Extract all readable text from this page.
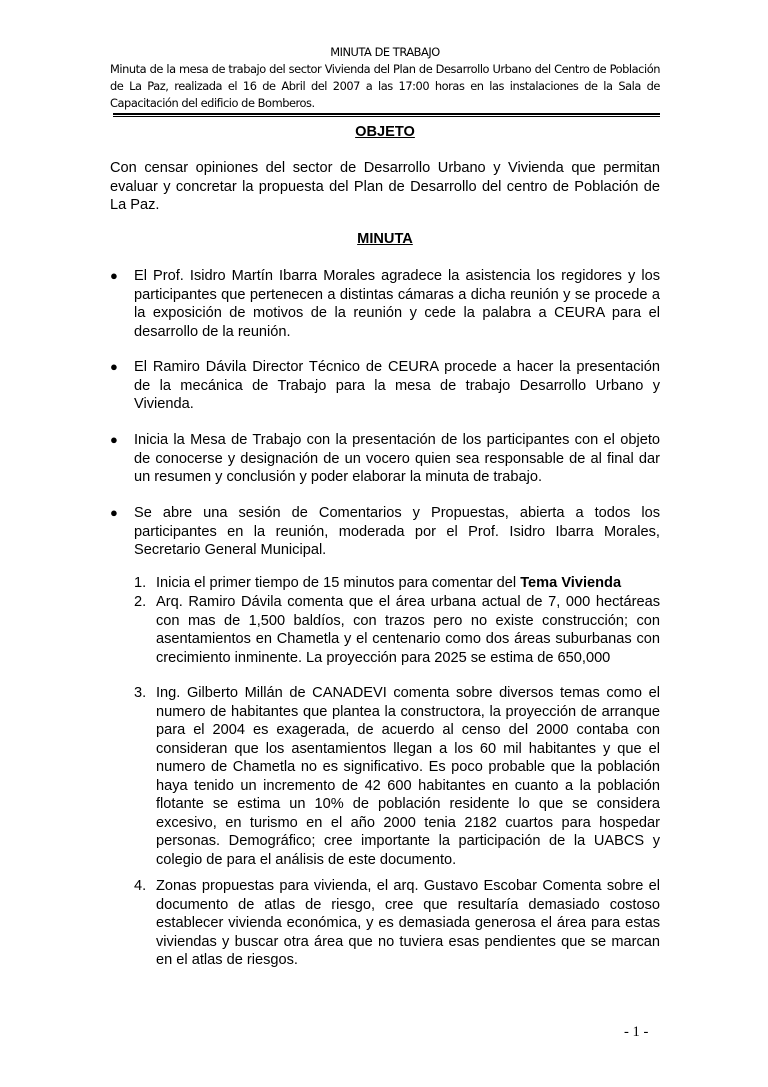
MINUTA DE TRABAJO
Minuta de la mesa de trabajo del sector Vivienda del Plan de Desarrollo Urbano del Centro de Población de La Paz, realizada el 16 de Abril del 2007 a las 17:00 horas en las instalaciones de la Sala de Capacitación del edificio de Bomberos.
OBJETO
Con censar opiniones del sector de Desarrollo Urbano y Vivienda que permitan evaluar y concretar la propuesta del Plan de Desarrollo del centro de Población de La Paz.
MINUTA
●	El Prof. Isidro Martín Ibarra Morales agradece la asistencia los regidores y los participantes que pertenecen a distintas cámaras a dicha reunión y se procede a la exposición de motivos de la reunión y cede la palabra a CEURA para el desarrollo de la reunión.
●	El Ramiro Dávila Director Técnico de CEURA procede a hacer la presentación de la mecánica de Trabajo para la mesa de trabajo Desarrollo Urbano y Vivienda.
●	Inicia la Mesa de Trabajo con la presentación de los participantes con el objeto de conocerse y designación de un vocero quien sea responsable de al final dar un resumen y conclusión y poder elaborar la minuta de trabajo.
●	Se abre una sesión de Comentarios y Propuestas, abierta a todos los participantes en la reunión, moderada por el Prof. Isidro Ibarra Morales, Secretario General Municipal.
1. Inicia el primer tiempo de 15 minutos para comentar del Tema Vivienda
2. Arq. Ramiro Dávila comenta que el área urbana actual de 7, 000 hectáreas con mas de 1,500 baldíos, con trazos pero no existe construcción; con asentamientos en Chametla y el centenario como dos áreas suburbanas con crecimiento inminente. La proyección para 2025 se estima de 650,000
3. Ing. Gilberto Millán de CANADEVI comenta sobre diversos temas como el numero de habitantes que plantea la constructora, la proyección de arranque para el 2004 es exagerada, de acuerdo al censo del 2000 contaba con consideran que los asentamientos llegan a los 60 mil habitantes y que el numero de Chametla no es significativo. Es poco probable que la población haya tenido un incremento de 42 600 habitantes en cuanto a la población flotante se estima un 10% de población residente lo que se considera excesivo, en turismo en el año 2000 tenia 2182 cuartos para hospedar personas. Demográfico; cree importante la participación de la UABCS y colegio de para el análisis de este documento.
4. Zonas propuestas para vivienda, el arq. Gustavo Escobar Comenta sobre el documento de atlas de riesgo, cree que resultaría demasiado costoso establecer vivienda económica, y es demasiada generosa el área para estas viviendas y buscar otra área que no tuviera esas pendientes que se marcan en el atlas de riesgos.
- 1 -
